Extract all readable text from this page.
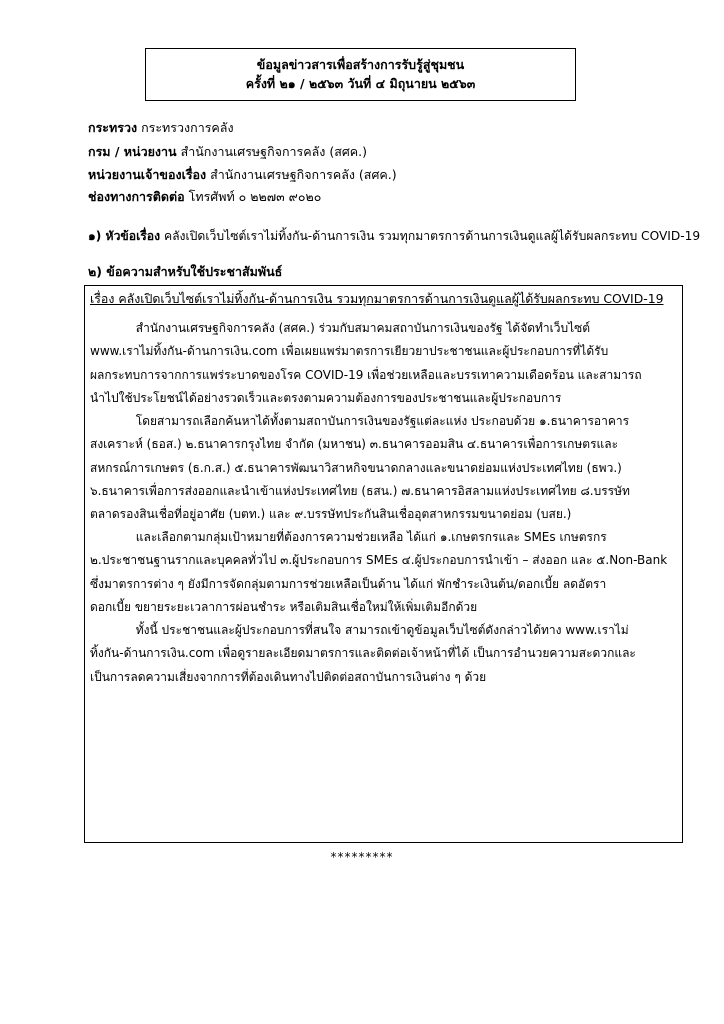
ข้อมูลข่าวสารเพื่อสร้างการรับรู้สู่ชุมชน
ครั้งที่ ๒๑ / ๒๕๖๓ วันที่ ๔ มิถุนายน ๒๕๖๓
กระทรวง กระทรวงการคลัง
กรม / หน่วยงาน สำนักงานเศรษฐกิจการคลัง (สศค.)
หน่วยงานเจ้าของเรื่อง สำนักงานเศรษฐกิจการคลัง (สศค.)
ช่องทางการติดต่อ โทรศัพท์ ๐ ๒๒๗๓ ๙๐๒๐
๑) หัวข้อเรื่อง คลังเปิดเว็บไซต์เราไม่ทิ้งกัน-ด้านการเงิน รวมทุกมาตรการด้านการเงินดูแลผู้ได้รับผลกระทบ COVID-19
๒) ข้อความสำหรับใช้ประชาสัมพันธ์
เรื่อง คลังเปิดเว็บไซต์เราไม่ทิ้งกัน-ด้านการเงิน รวมทุกมาตรการด้านการเงินดูแลผู้ได้รับผลกระทบ COVID-19
สำนักงานเศรษฐกิจการคลัง (สศค.) ร่วมกับสมาคมสถาบันการเงินของรัฐ ได้จัดทำเว็บไซต์
www.เราไม่ทิ้งกัน-ด้านการเงิน.com เพื่อเผยแพร่มาตรการเยียวยาประชาชนและผู้ประกอบการที่ได้รับ
ผลกระทบการจากการแพร่ระบาดของโรค COVID-19 เพื่อช่วยเหลือและบรรเทาความเดือดร้อน และสามารถ
นำไปใช้ประโยชน์ได้อย่างรวดเร็วและตรงตามความต้องการของประชาชนและผู้ประกอบการ
โดยสามารถเลือกค้นหาได้ทั้งตามสถาบันการเงินของรัฐแต่ละแห่ง ประกอบด้วย ๑.ธนาคารอาคาร
สงเคราะห์ (ธอส.) ๒.ธนาคารกรุงไทย จำกัด (มหาชน) ๓.ธนาคารออมสิน ๔.ธนาคารเพื่อการเกษตรและ
สหกรณ์การเกษตร (ธ.ก.ส.) ๕.ธนาคารพัฒนาวิสาหกิจขนาดกลางและขนาดย่อมแห่งประเทศไทย (ธพว.)
๖.ธนาคารเพื่อการส่งออกและนำเข้าแห่งประเทศไทย (ธสน.) ๗.ธนาคารอิสลามแห่งประเทศไทย ๘.บรรษัท
ตลาดรองสินเชื่อที่อยู่อาศัย (บตท.) และ ๙.บรรษัทประกันสินเชื่ออุตสาหกรรมขนาดย่อม (บสย.)
และเลือกตามกลุ่มเป้าหมายที่ต้องการความช่วยเหลือ ได้แก่ ๑.เกษตรกรและ SMEs เกษตรกร
๒.ประชาชนฐานรากและบุคคลทั่วไป ๓.ผู้ประกอบการ SMEs ๔.ผู้ประกอบการนำเข้า – ส่งออก และ ๕.Non-Bank
ซึ่งมาตรการต่าง ๆ ยังมีการจัดกลุ่มตามการช่วยเหลือเป็นด้าน ได้แก่ พักชำระเงินต้น/ดอกเบี้ย ลดอัตรา
ดอกเบี้ย ขยายระยะเวลาการผ่อนชำระ หรือเติมสินเชื่อใหม่ให้เพิ่มเติมอีกด้วย
ทั้งนี้ ประชาชนและผู้ประกอบการที่สนใจ สามารถเข้าดูข้อมูลเว็บไซต์ดังกล่าวได้ทาง www.เราไม่
ทิ้งกัน-ด้านการเงิน.com เพื่อดูรายละเอียดมาตรการและติดต่อเจ้าหน้าที่ได้ เป็นการอำนวยความสะดวกและ
เป็นการลดความเสี่ยงจากการที่ต้องเดินทางไปติดต่อสถาบันการเงินต่าง ๆ ด้วย
*********
